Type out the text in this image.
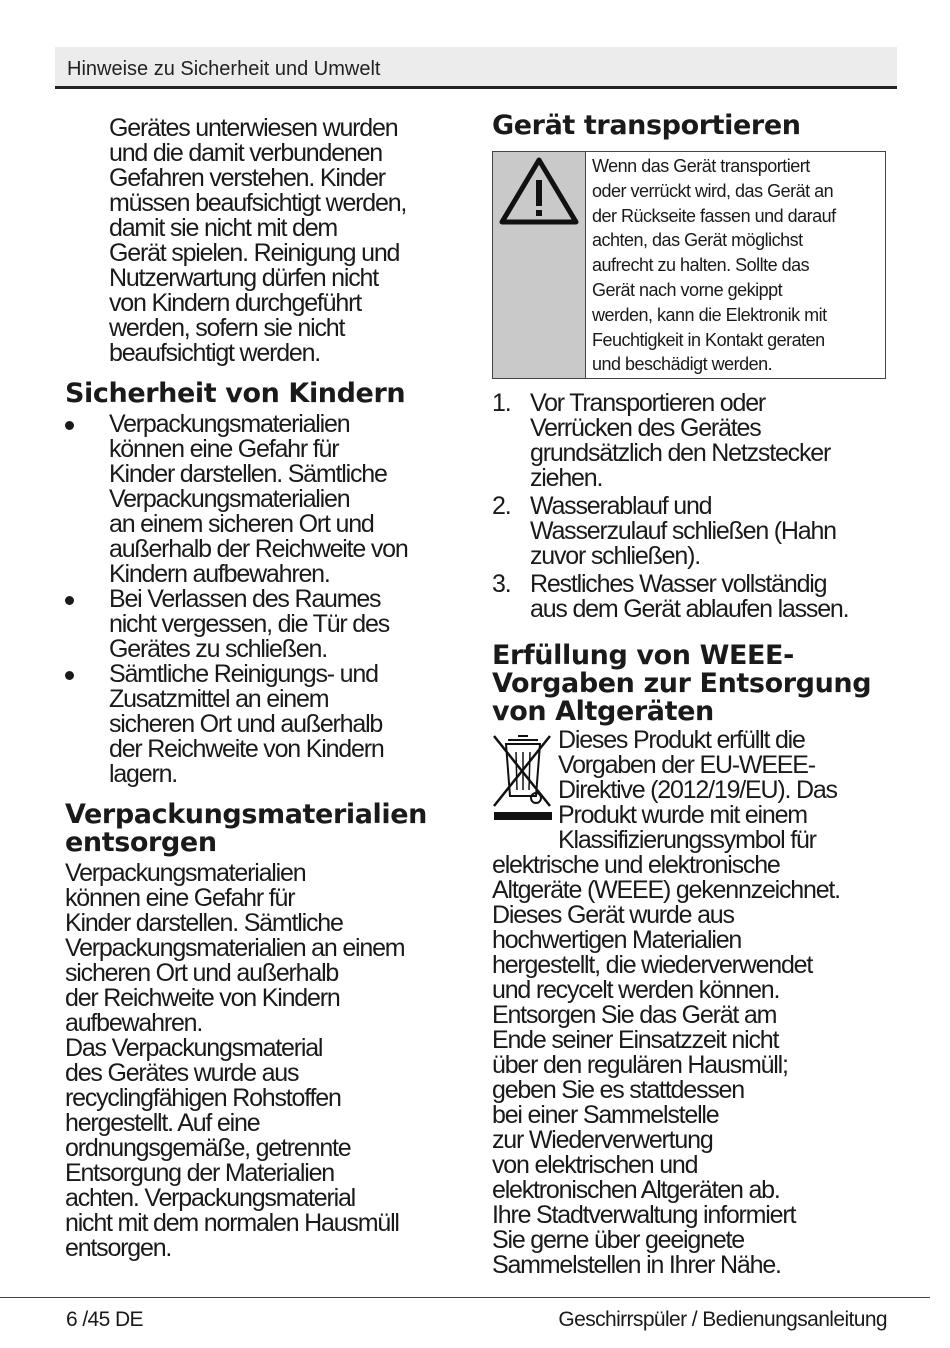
Hinweise zu Sicherheit und Umwelt

Gerätes unterwiesen wurden
und die damit verbundenen
Gefahren verstehen. Kinder
müssen beaufsichtigt werden,
damit sie nicht mit dem
Gerät spielen. Reinigung und
Nutzerwartung dürfen nicht
von Kindern durchgeführt
werden, sofern sie nicht
beaufsichtigt werden.

Sicherheit von Kindern
Verpackungsmaterialien
können eine Gefahr für
Kinder darstellen. Sämtliche
Verpackungsmaterialien
an einem sicheren Ort und
außerhalb der Reichweite von
Kindern aufbewahren.
Bei Verlassen des Raumes
nicht vergessen, die Tür des
Gerätes zu schließen.
Sämtliche Reinigungs- und
Zusatzmittel an einem
sicheren Ort und außerhalb
der Reichweite von Kindern
lagern.
Verpackungsmaterialien
entsorgen

Verpackungsmaterialien
können eine Gefahr für
Kinder darstellen. Sämtliche
Verpackungsmaterialien an einem
sicheren Ort und außerhalb
der Reichweite von Kindern
aufbewahren.
Das Verpackungsmaterial
des Gerätes wurde aus
recyclingfähigen Rohstoffen
hergestellt. Auf eine
ordnungsgemäße, getrennte
Entsorgung der Materialien
achten. Verpackungsmaterial
nicht mit dem normalen Hausmüll
entsorgen.

Gerät transportieren
Wenn das Gerät transportiert
oder verrückt wird, das Gerät an
der Rückseite fassen und darauf
achten, das Gerät möglichst
aufrecht zu halten. Sollte das
Gerät nach vorne gekippt
werden, kann die Elektronik mit
Feuchtigkeit in Kontakt geraten
und beschädigt werden.
1. Vor Transportieren oder
Verrücken des Gerätes
grundsätzlich den Netzstecker
ziehen.
2. Wasserablauf und
Wasserzulauf schließen (Hahn
zuvor schließen).
3. Restliches Wasser vollständig
aus dem Gerät ablaufen lassen.
Erfüllung von WEEE-
Vorgaben zur Entsorgung
von Altgeräten

Dieses Produkt erfüllt die
Vorgaben der EU-WEEE-
Direktive (2012/19/EU). Das
Produkt wurde mit einem
Klassifizierungssymbol für

elektrische und elektronische
Altgeräte (WEEE) gekennzeichnet.
Dieses Gerät wurde aus
hochwertigen Materialien
hergestellt, die wiederverwendet
und recycelt werden können.
Entsorgen Sie das Gerät am
Ende seiner Einsatzzeit nicht
über den regulären Hausmüll;
geben Sie es stattdessen
bei einer Sammelstelle
zur Wiederverwertung
von elektrischen und
elektronischen Altgeräten ab.
Ihre Stadtverwaltung informiert
Sie gerne über geeignete
Sammelstellen in Ihrer Nähe.

6 /45 DE	Geschirrspüler / Bedienungsanleitung
